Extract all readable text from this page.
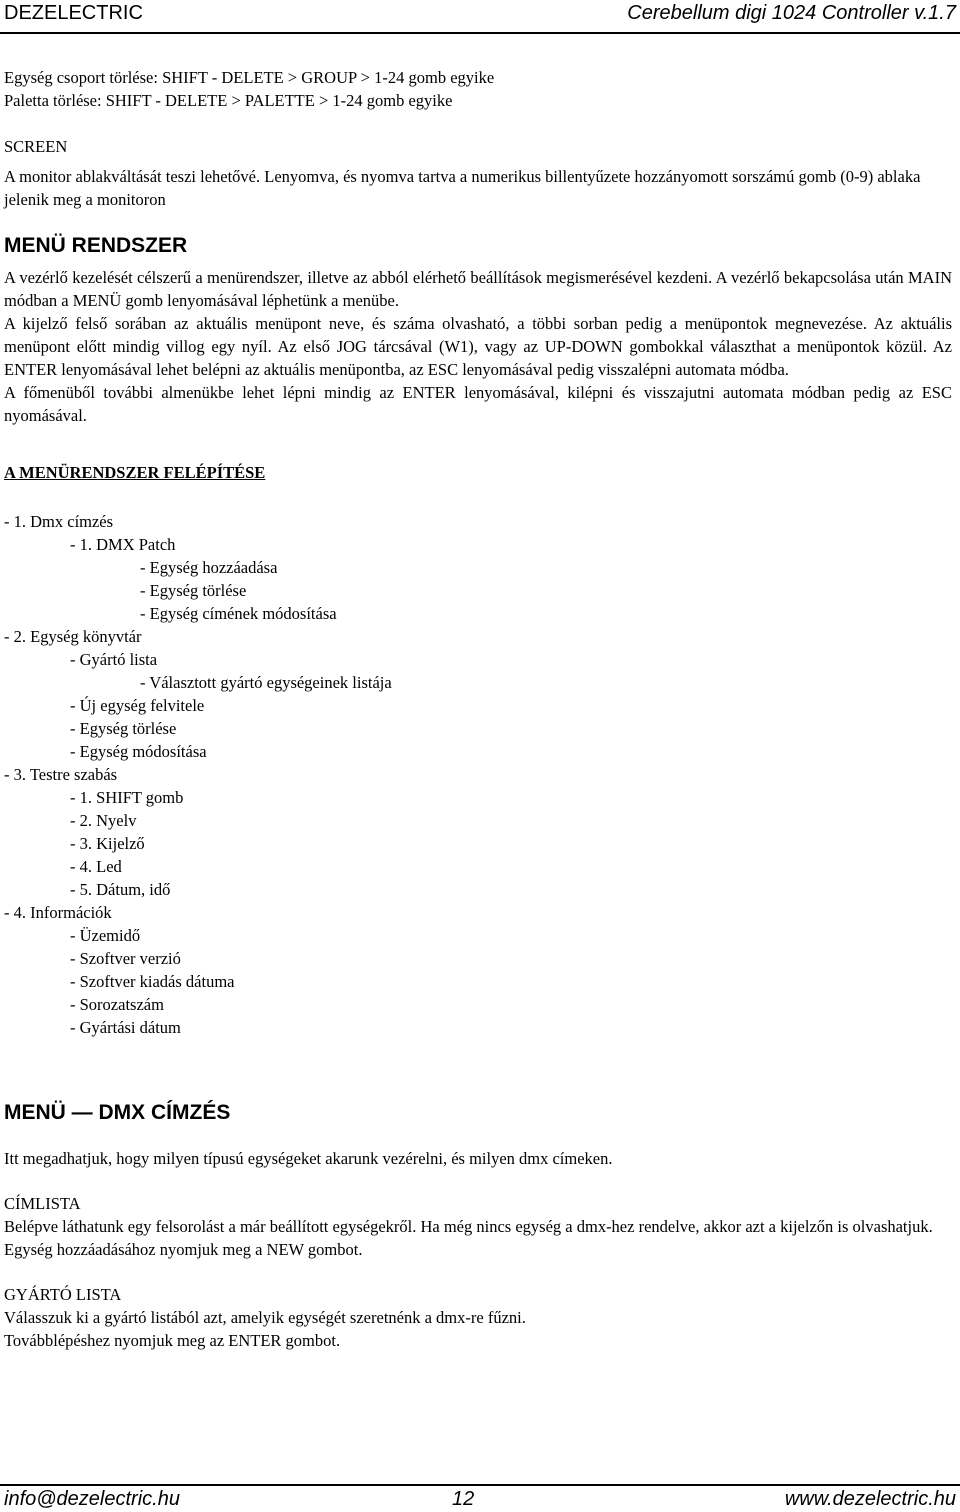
DEZELECTRIC	Cerebellum digi 1024 Controller v.1.7

Egység csoport törlése: SHIFT - DELETE > GROUP > 1-24 gomb egyike

Paletta törlése: SHIFT - DELETE > PALETTE > 1-24 gomb egyike

SCREEN

A monitor ablakváltását teszi lehetővé. Lenyomva, és nyomva tartva a numerikus billentyűzete hozzányomott sorszámú gomb (0-9) ablaka jelenik meg a monitoron

MENÜ RENDSZER

A vezérlő kezelését célszerű a menürendszer, illetve az abból elérhető beállítások megismerésével kezdeni. A vezérlő bekapcsolása után MAIN módban a MENÜ gomb lenyomásával léphetünk a menübe.

A kijelző felső sorában az aktuális menüpont neve, és száma olvasható, a többi sorban pedig a menüpontok megnevezése. Az aktuális menüpont előtt mindig villog egy nyíl. Az első JOG tárcsával (W1), vagy az UP-DOWN gombokkal választhat a menüpontok közül. Az ENTER lenyomásával lehet belépni az aktuális menüpontba, az ESC lenyomásával pedig visszalépni automata módba.

A főmenüből további almenükbe lehet lépni mindig az ENTER lenyomásával, kilépni és visszajutni automata módban pedig az ESC nyomásával.

A MENÜRENDSZER FELÉPÍTÉSE

- 1. Dmx címzés

- 1. DMX Patch

- Egység hozzáadása

- Egység törlése

- Egység címének módosítása

- 2. Egység könyvtár

- Gyártó lista

- Választott gyártó egységeinek listája

- Új egység felvitele

- Egység törlése

- Egység módosítása

- 3. Testre szabás

- 1. SHIFT gomb

- 2. Nyelv

- 3. Kijelző

- 4. Led

- 5. Dátum, idő

- 4. Információk

- Üzemidő

- Szoftver verzió

- Szoftver kiadás dátuma

- Sorozatszám

- Gyártási dátum

MENÜ — DMX CÍMZÉS

Itt megadhatjuk, hogy milyen típusú egységeket akarunk vezérelni, és milyen dmx címeken.

CÍMLISTA

Belépve láthatunk egy felsorolást a már beállított egységekről. Ha még nincs egység a dmx-hez rendelve, akkor azt a kijelzőn is olvashatjuk.

Egység hozzáadásához nyomjuk meg a NEW gombot.

GYÁRTÓ LISTA

Válasszuk ki a gyártó listából azt, amelyik egységét szeretnénk a dmx-re fűzni.

Továbblépéshez nyomjuk meg az ENTER gombot.

info@dezelectric.hu	12	www.dezelectric.hu
